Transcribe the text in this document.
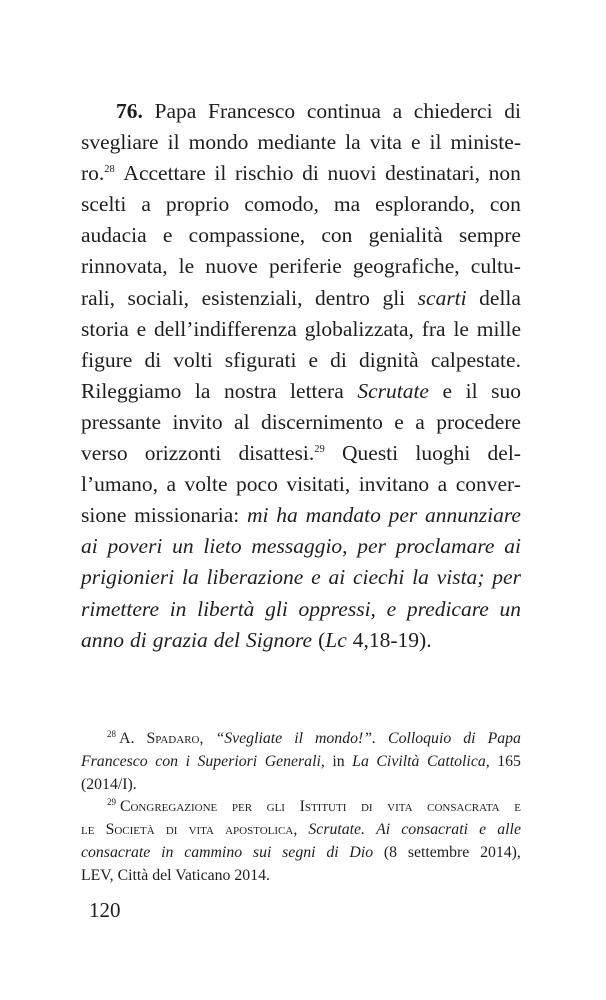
76. Papa Francesco continua a chiederci di
svegliare il mondo mediante la vita e il ministe-
ro.$^{28}$ Accettare il rischio di nuovi destinatari, non
scelti a proprio comodo, ma esplorando, con
audacia e compassione, con genialità sempre
rinnovata, le nuove periferie geografiche, cultu-
rali, sociali, esistenziali, dentro gli scarti della
storia e dell’indifferenza globalizzata, fra le mille
figure di volti sfigurati e di dignità calpestate.
Rileggiamo la nostra lettera Scrutate e il suo
pressante invito al discernimento e a procedere
verso orizzonti disattesi.$^{29}$ Questi luoghi del-
l’umano, a volte poco visitati, invitano a conver-
sione missionaria: mi ha mandato per annunziare
ai poveri un lieto messaggio, per proclamare ai
prigionieri la liberazione e ai ciechi la vista; per
rimettere in libertà gli oppressi, e predicare un
anno di grazia del Signore (Lc 4,18-19).
$^{28}$ A. Spadaro, “Svegliate il mondo!”. Colloquio di Papa
Francesco con i Superiori Generali, in La Civiltà Cattolica, 165
(2014/I).
$^{29}$ Congregazione per gli Istituti di vita consacrata e
le Società di vita apostolica, Scrutate. Ai consacrati e alle
consacrate in cammino sui segni di Dio (8 settembre 2014),
LEV, Città del Vaticano 2014.
120
